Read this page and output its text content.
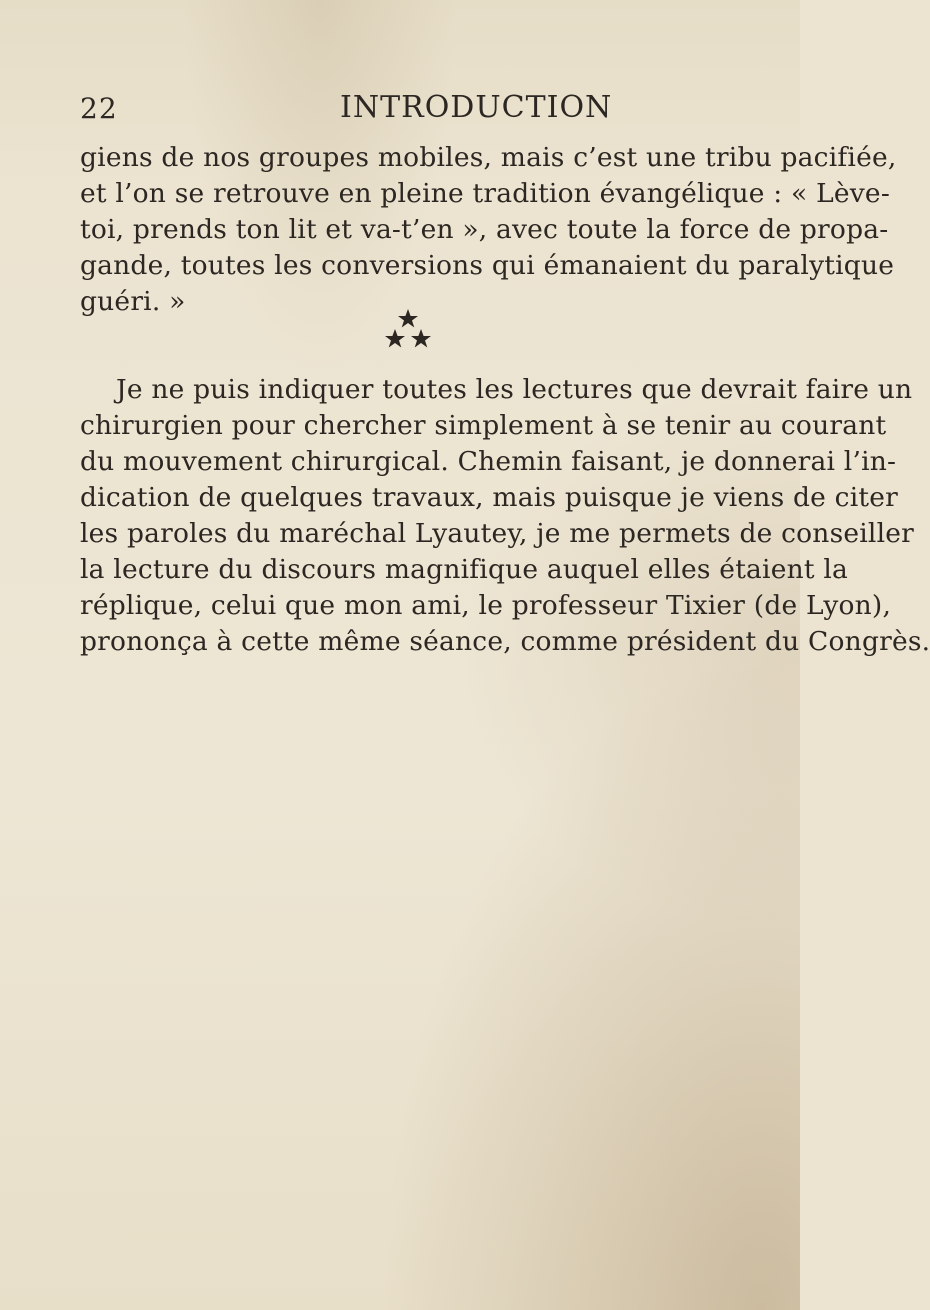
22	INTRODUCTION
giens de nos groupes mobiles, mais c’est une tribu pacifiée,
et l’on se retrouve en pleine tradition évangélique : « Lève-
toi, prends ton lit et va-t’en », avec toute la force de propa-
gande, toutes les conversions qui émanaient du paralytique
guéri. »
Je ne puis indiquer toutes les lectures que devrait faire un
chirurgien pour chercher simplement à se tenir au courant
du mouvement chirurgical. Chemin faisant, je donnerai l’in-
dication de quelques travaux, mais puisque je viens de citer
les paroles du maréchal Lyautey, je me permets de conseiller
la lecture du discours magnifique auquel elles étaient la
réplique, celui que mon ami, le professeur Tixier (de Lyon),
prononça à cette même séance, comme président du Congrès.
